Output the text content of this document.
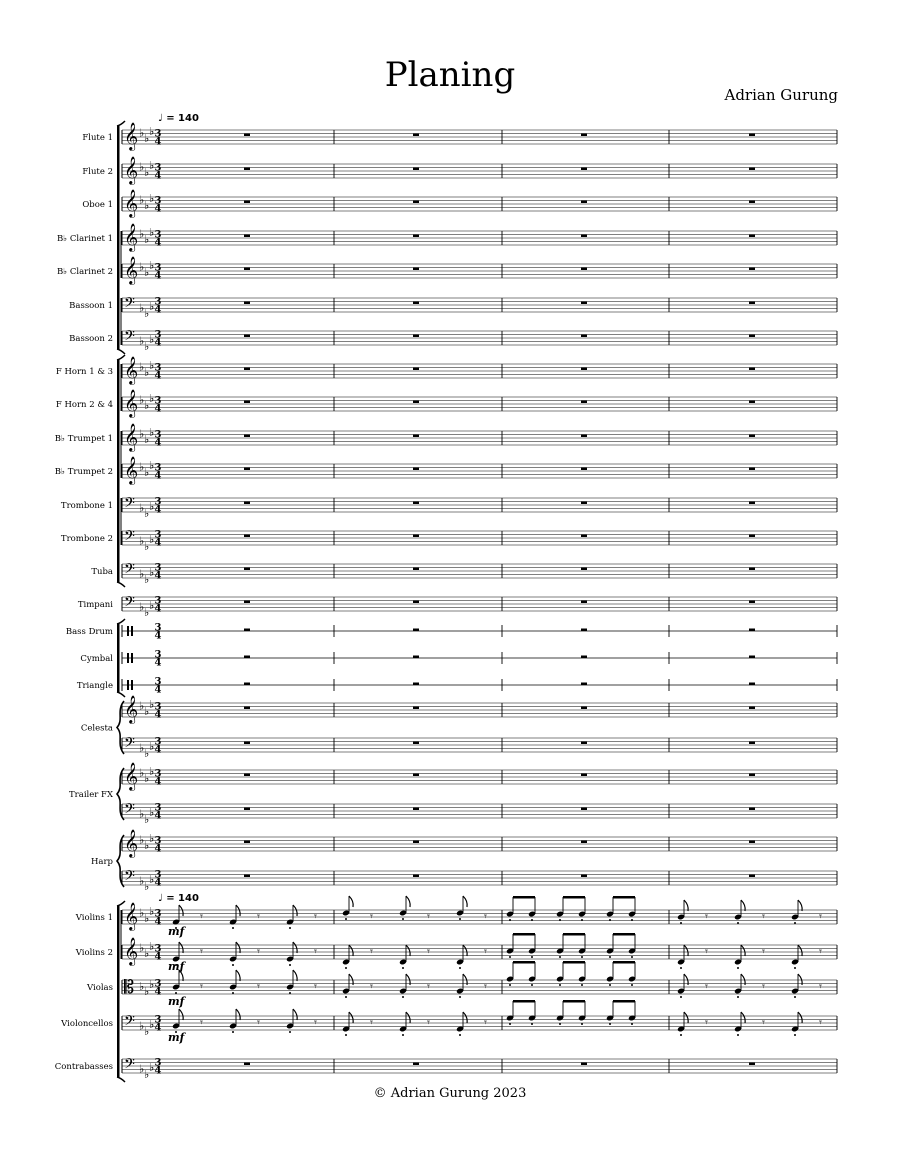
Planing	Adrian Gurung
© Adrian Gurung 2023
𝄞 ♭ ♭
♭ 3
4
𝄞 ♭ ♭
♭ 3
4
𝄞 ♭ ♭
♭ 3
4
𝄞 ♭ ♭
♭ 3
4
𝄞 ♭ ♭
♭ 3
4
𝄢 ♭ ♭
♭ 3
4
𝄢 ♭ ♭
♭ 3
4
𝄞 ♭ ♭
♭ 3
4
𝄞 ♭ ♭
♭ 3
4
𝄞 ♭ ♭
♭ 3
4
𝄞 ♭ ♭
♭ 3
4
𝄢 ♭ ♭
♭ 3
4
𝄢 ♭ ♭
♭ 3
4
𝄢 ♭ ♭
♭ 3
4
𝄢 ♭ ♭
♭ 3
4
3
4
3
4
3
4
𝄞 ♭ ♭
♭ 3
4
𝄢 ♭ ♭
♭ 3
4
𝄞 ♭ ♭
♭ 3
4
𝄢 ♭ ♭
♭ 3
4
𝄞 ♭ ♭
♭ 3
4
𝄢 ♭ ♭
♭ 3
4
𝄞 ♭ ♭
♭ 3
4
𝄞 ♭ ♭
♭ 3
4
𝄡 ♭ ♭
♭ 3
4
𝄢 ♭ ♭
♭ 3
4
𝄢 ♭ ♭
♭ 3
4
Flute 1
Flute 2
Oboe 1
B♭ Clarinet 1
B♭ Clarinet 2
Bassoon 1
Bassoon 2
F Horn 1 & 3
F Horn 2 & 4
B♭ Trumpet 1
B♭ Trumpet 2
Trombone 1
Trombone 2
Tuba
Timpani
Bass Drum
Cymbal
Triangle
Celesta
Trailer FX
Harp
Violins 1
Violins 2
Violas
Violoncellos
Contrabasses
♩ = 140
♩ = 140
𝄾	𝄾	𝄾	𝄾	𝄾	𝄾	𝄾	𝄾	𝄾
mf
𝄾	𝄾	𝄾	𝄾	𝄾	𝄾	𝄾	𝄾	𝄾
mf
𝄾	𝄾	𝄾	𝄾	𝄾	𝄾	𝄾	𝄾	𝄾
mf
𝄾	𝄾	𝄾	𝄾	𝄾	𝄾	𝄾	𝄾	𝄾
mf
